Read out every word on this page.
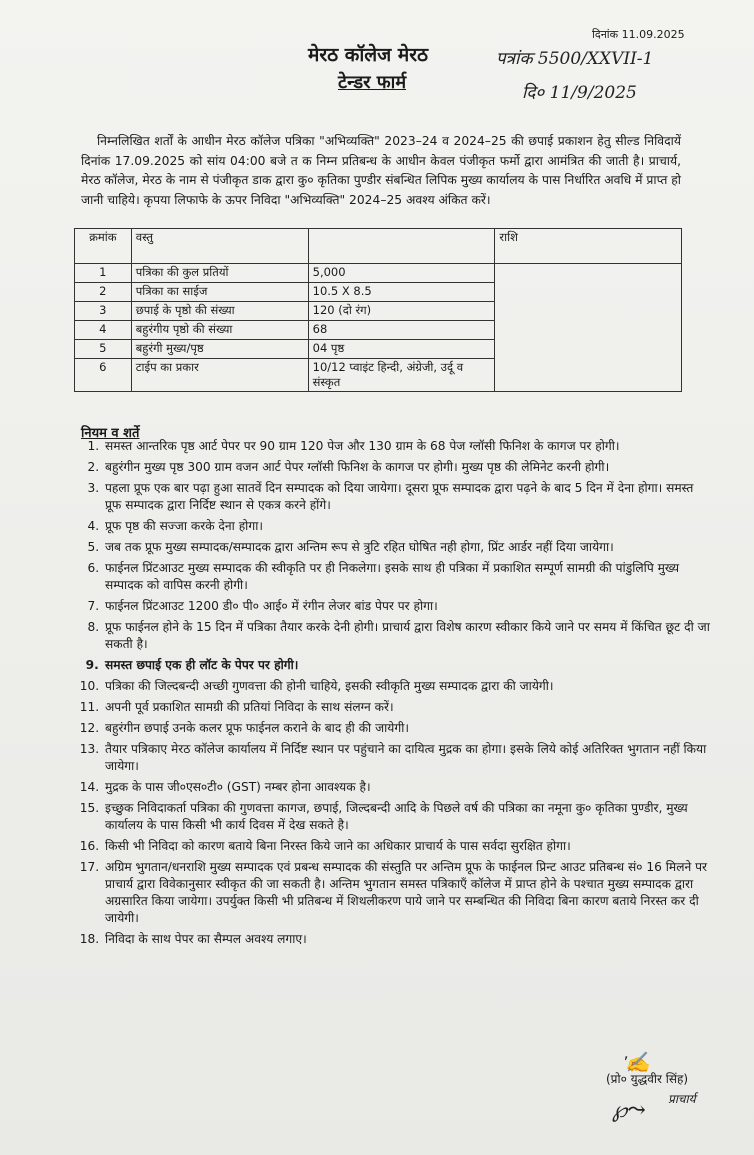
दिनांक 11.09.2025
मेरठ कॉलेज मेरठ
टेन्डर फार्म
पत्रांक 5500/XXVII-1
दि० 11/9/2025

निम्नलिखित शर्तों के आधीन मेरठ कॉलेज पत्रिका "अभिव्यक्ति" 2023–24 व 2024–25 की छपाई प्रकाशन हेतु सील्ड निविदायें दिनांक 17.09.2025 को सांय 04:00 बजे त क निम्न प्रतिबन्ध के आधीन केवल पंजीकृत फर्मो द्वारा आमंत्रित की जाती है। प्राचार्य, मेरठ कॉलेज, मेरठ के नाम से पंजीकृत डाक द्वारा कु० कृतिका पुण्डीर संबन्धित लिपिक मुख्य कार्यालय के पास निर्धारित अवधि में प्राप्त हो जानी चाहिये। कृपया लिफाफे के ऊपर निविदा "अभिव्यक्ति" 2024–25 अवश्य अंकित करें।

क्रमांक	वस्तु		राशि
1	पत्रिका की कुल प्रतियों	5,000	
2	पत्रिका का साईज	10.5 X 8.5	
3	छपाई के पृष्ठो की संख्या	120 (दो रंग)	
4	बहुरंगीय पृष्ठो की संख्या	68	
5	बहुरंगी मुख्य/पृष्ठ	04 पृष्ठ	
6	टाईप का प्रकार	10/12 प्वाइंट हिन्दी, अंग्रेजी, उर्दू व संस्कृत	
नियम व शर्ते
1. समस्त आन्तरिक पृष्ठ आर्ट पेपर पर 90 ग्राम 120 पेज और 130 ग्राम के 68 पेज ग्लॉसी फिनिश के कागज पर होगी।
2. बहुरंगीन मुख्य पृष्ठ 300 ग्राम वजन आर्ट पेपर ग्लॉसी फिनिश के कागज पर होगी। मुख्य पृष्ठ की लेमिनेट करनी होगी।
3. पहला प्रूफ एक बार पढ़ा हुआ सातवें दिन सम्पादक को दिया जायेगा। दूसरा प्रूफ सम्पादक द्वारा पढ़ने के बाद 5 दिन में देना होगा। समस्त प्रूफ सम्पादक द्वारा निर्दिष्ट स्थान से एकत्र करने होंगे।
4. प्रूफ पृष्ठ की सज्जा करके देना होगा।
5. जब तक प्रूफ मुख्य सम्पादक/सम्पादक द्वारा अन्तिम रूप से त्रुटि रहित घोषित नही होगा, प्रिंट आर्डर नहीं दिया जायेगा।
6. फाईनल प्रिंटआउट मुख्य सम्पादक की स्वीकृति पर ही निकलेगा। इसके साथ ही पत्रिका में प्रकाशित सम्पूर्ण सामग्री की पांडुलिपि मुख्य सम्पादक को वापिस करनी होगी।
7. फाईनल प्रिंटआउट 1200 डी० पी० आई० में रंगीन लेजर बांड पेपर पर होगा।
8. प्रूफ फाईनल होने के 15 दिन में पत्रिका तैयार करके देनी होगी। प्राचार्य द्वारा विशेष कारण स्वीकार किये जाने पर समय में किंचित छूट दी जा सकती है।
9. समस्त छपाई एक ही लॉट के पेपर पर होगी।
10. पत्रिका की जिल्दबन्दी अच्छी गुणवत्ता की होनी चाहिये, इसकी स्वीकृति मुख्य सम्पादक द्वारा की जायेगी।
11. अपनी पूर्व प्रकाशित सामग्री की प्रतियां निविदा के साथ संलग्न करें।
12. बहुरंगीन छपाई उनके कलर प्रूफ फाईनल कराने के बाद ही की जायेगी।
13. तैयार पत्रिकाए मेरठ कॉलेज कार्यालय में निर्दिष्ट स्थान पर पहुंचाने का दायित्व मुद्रक का होगा। इसके लिये कोई अतिरिक्त भुगतान नहीं किया जायेगा।
14. मुद्रक के पास जी०एस०टी० (GST) नम्बर होना आवश्यक है।
15. इच्छुक निविदाकर्ता पत्रिका की गुणवत्ता कागज, छपाई, जिल्दबन्दी आदि के पिछले वर्ष की पत्रिका का नमूना कु० कृतिका पुण्डीर, मुख्य कार्यालय के पास किसी भी कार्य दिवस में देख सकते है।
16. किसी भी निविदा को कारण बताये बिना निरस्त किये जाने का अधिकार प्राचार्य के पास सर्वदा सुरक्षित होगा।
17. अग्रिम भुगतान/धनराशि मुख्य सम्पादक एवं प्रबन्ध सम्पादक की संस्तुति पर अन्तिम प्रूफ के फाईनल प्रिन्ट आउट प्रतिबन्ध सं० 16 मिलने पर प्राचार्य द्वारा विवेकानुसार स्वीकृत की जा सकती है। अन्तिम भुगतान समस्त पत्रिकाएँ कॉलेज में प्राप्त होने के पश्चात मुख्य सम्पादक द्वारा अग्रसारित किया जायेगा। उपर्युक्त किसी भी प्रतिबन्ध में शिथलीकरण पाये जाने पर सम्बन्धित की निविदा बिना कारण बताये निरस्त कर दी जायेगी।
18. निविदा के साथ पेपर का सैम्पल अवश्य लगाए।
ᡃ✍
(प्रो० युद्धवीर सिंह)
प्राचार्य
℘⤳
